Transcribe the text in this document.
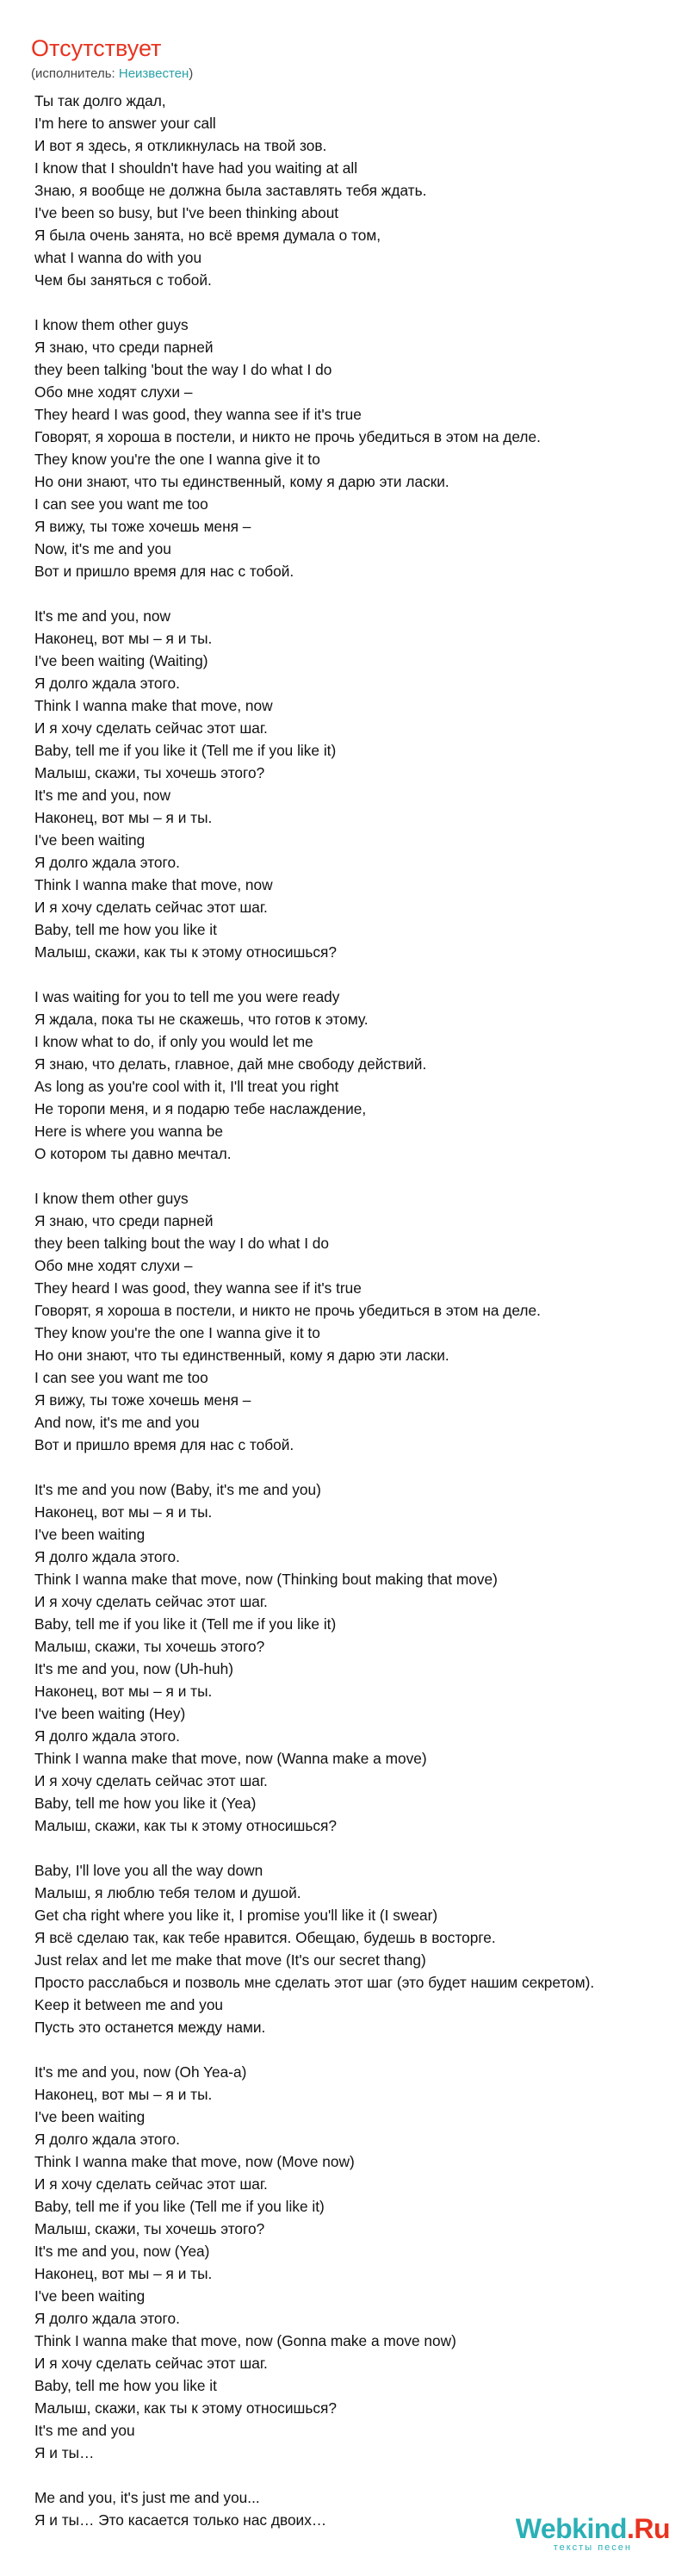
Отсутствует
(исполнитель: Неизвестен)
Ты так долго ждал,
I'm here to answer your call
И вот я здесь, я откликнулась на твой зов.
I know that I shouldn't have had you waiting at all
Знаю, я вообще не должна была заставлять тебя ждать.
I've been so busy, but I've been thinking about
Я была очень занята, но всё время думала о том,
what I wanna do with you
Чем бы заняться с тобой.
I know them other guys
Я знаю, что среди парней
they been talking 'bout the way I do what I do
Обо мне ходят слухи –
They heard I was good, they wanna see if it's true
Говорят, я хороша в постели, и никто не прочь убедиться в этом на деле.
They know you're the one I wanna give it to
Но они знают, что ты единственный, кому я дарю эти ласки.
I can see you want me too
Я вижу, ты тоже хочешь меня –
Now, it's me and you
Вот и пришло время для нас с тобой.
It's me and you, now
Наконец, вот мы – я и ты.
I've been waiting (Waiting)
Я долго ждала этого.
Think I wanna make that move, now
И я хочу сделать сейчас этот шаг.
Baby, tell me if you like it (Tell me if you like it)
Малыш, скажи, ты хочешь этого?
It's me and you, now
Наконец, вот мы – я и ты.
I've been waiting
Я долго ждала этого.
Think I wanna make that move, now
И я хочу сделать сейчас этот шаг.
Baby, tell me how you like it
Малыш, скажи, как ты к этому относишься?
I was waiting for you to tell me you were ready
Я ждала, пока ты не скажешь, что готов к этому.
I know what to do, if only you would let me
Я знаю, что делать, главное, дай мне свободу действий.
As long as you're cool with it, I'll treat you right
Не торопи меня, и я подарю тебе наслаждение,
Here is where you wanna be
О котором ты давно мечтал.
I know them other guys
Я знаю, что среди парней
they been talking bout the way I do what I do
Обо мне ходят слухи –
They heard I was good, they wanna see if it's true
Говорят, я хороша в постели, и никто не прочь убедиться в этом на деле.
They know you're the one I wanna give it to
Но они знают, что ты единственный, кому я дарю эти ласки.
I can see you want me too
Я вижу, ты тоже хочешь меня –
And now, it's me and you
Вот и пришло время для нас с тобой.
It's me and you now (Baby, it's me and you)
Наконец, вот мы – я и ты.
I've been waiting
Я долго ждала этого.
Think I wanna make that move, now (Thinking bout making that move)
И я хочу сделать сейчас этот шаг.
Baby, tell me if you like it (Tell me if you like it)
Малыш, скажи, ты хочешь этого?
It's me and you, now (Uh-huh)
Наконец, вот мы – я и ты.
I've been waiting (Hey)
Я долго ждала этого.
Think I wanna make that move, now (Wanna make a move)
И я хочу сделать сейчас этот шаг.
Baby, tell me how you like it (Yea)
Малыш, скажи, как ты к этому относишься?
Baby, I'll love you all the way down
Малыш, я люблю тебя телом и душой.
Get cha right where you like it, I promise you'll like it (I swear)
Я всё сделаю так, как тебе нравится. Обещаю, будешь в восторге.
Just relax and let me make that move (It's our secret thang)
Просто расслабься и позволь мне сделать этот шаг (это будет нашим секретом).
Keep it between me and you
Пусть это останется между нами.
It's me and you, now (Oh Yea-a)
Наконец, вот мы – я и ты.
I've been waiting
Я долго ждала этого.
Think I wanna make that move, now (Move now)
И я хочу сделать сейчас этот шаг.
Baby, tell me if you like (Tell me if you like it)
Малыш, скажи, ты хочешь этого?
It's me and you, now (Yea)
Наконец, вот мы – я и ты.
I've been waiting
Я долго ждала этого.
Think I wanna make that move, now (Gonna make a move now)
И я хочу сделать сейчас этот шаг.
Baby, tell me how you like it
Малыш, скажи, как ты к этому относишься?
It's me and you
Я и ты…
Me and you, it's just me and you...
Я и ты… Это касается только нас двоих…	Webkind.Ru
тексты песен
